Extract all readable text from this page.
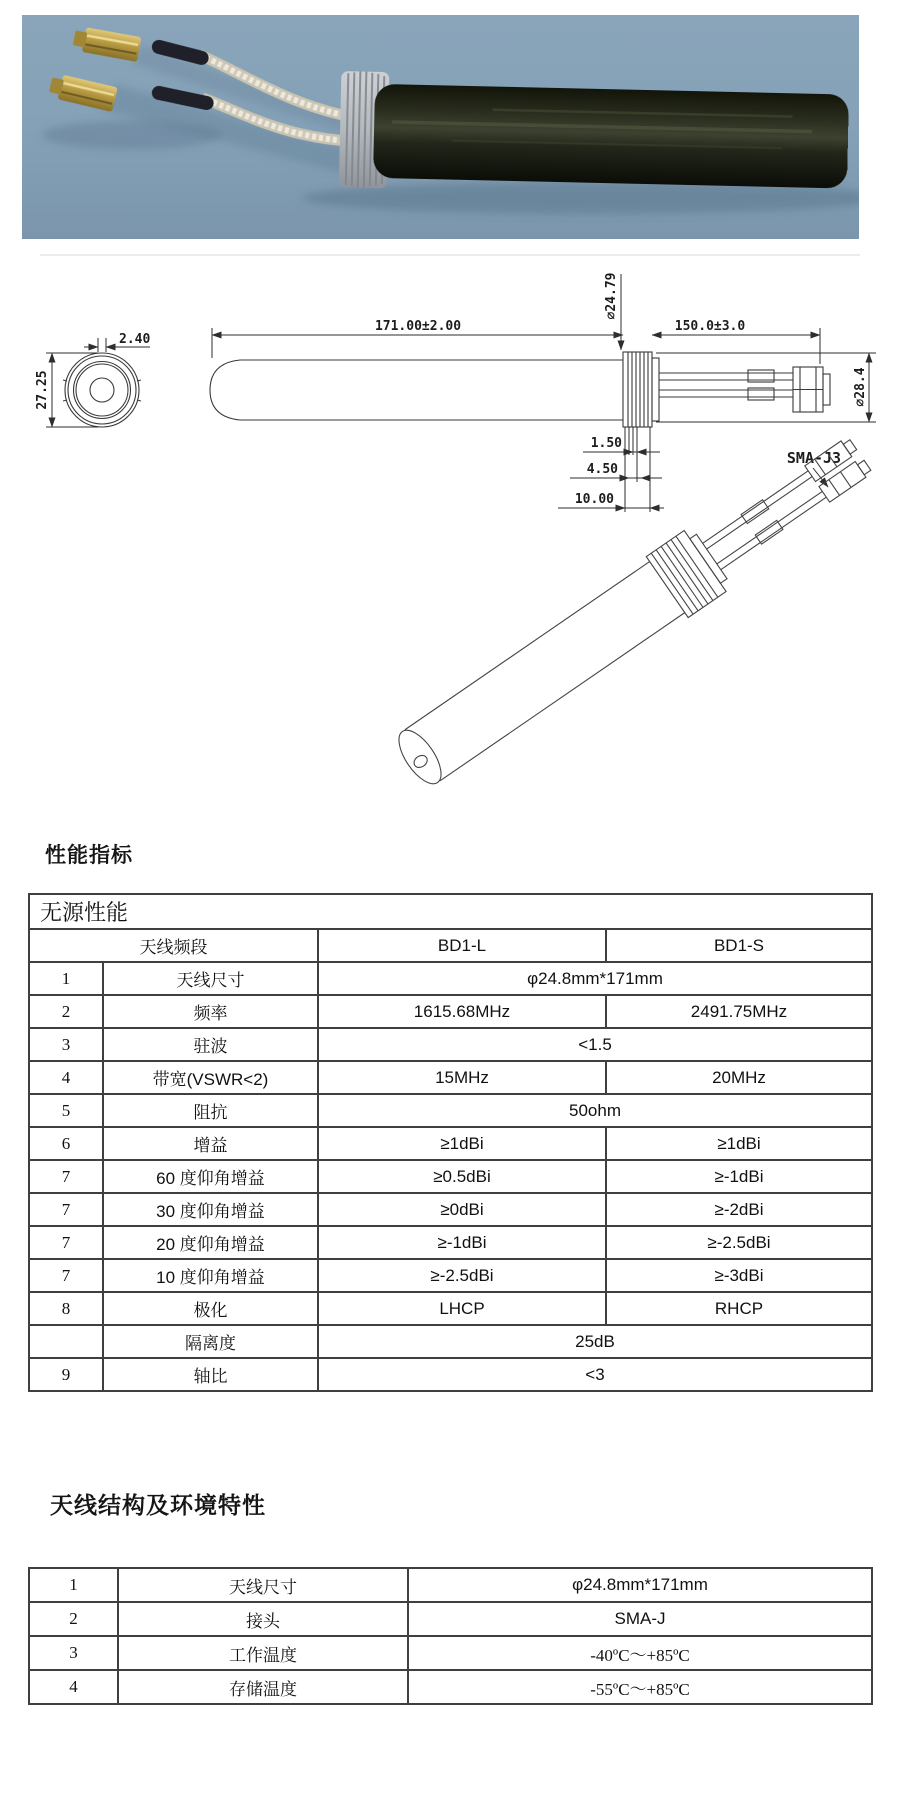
2.40
27.25
171.00±2.00	150.0±3.0
⌀24.79
⌀28.4
1.50
4.50
10.00
SMA-J3
性能指标
无源性能			
天线频段		BD1-L	BD1-S
1	天线尺寸	φ24.8mm*171mm	
2	频率	1615.68MHz	2491.75MHz
3	驻波	<1.5	
4	带宽(VSWR<2)	15MHz	20MHz
5	阻抗	50ohm	
6	增益	≥1dBi	≥1dBi
7	60 度仰角增益	≥0.5dBi	≥-1dBi
7	30 度仰角增益	≥0dBi	≥-2dBi
7	20 度仰角增益	≥-1dBi	≥-2.5dBi
7	10 度仰角增益	≥-2.5dBi	≥-3dBi
8	极化	LHCP	RHCP
	隔离度	25dB	
9	轴比	<3	
天线结构及环境特性
1	天线尺寸	φ24.8mm*171mm
2	接头	SMA-J
3	工作温度	-40ºC～+85ºC
4	存储温度	-55ºC～+85ºC
